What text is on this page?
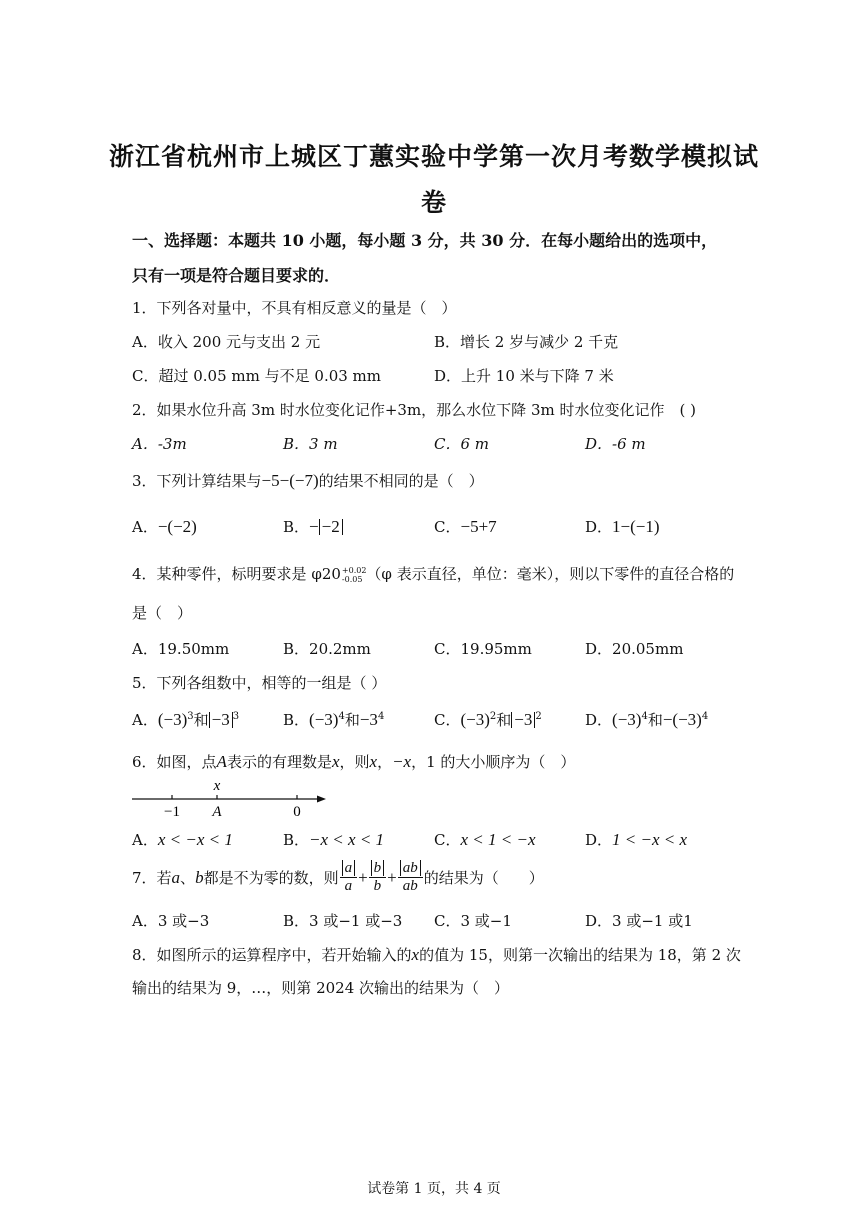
浙江省杭州市上城区丁蕙实验中学第一次月考数学模拟试
卷
一、选择题：本题共 10 小题，每小题 3 分，共 30 分．在每小题给出的选项中，
只有一项是符合题目要求的．
1．下列各对量中，不具有相反意义的量是（　）
A．收入 200 元与支出 2 元	B．增长 2 岁与减少 2 千克
C．超过 0.05 mm 与不足 0.03 mm	D．上升 10 米与下降 7 米
2．如果水位升高 3m 时水位变化记作+3m，那么水位下降 3m 时水位变化记作　( )
A．-3m	B．3 m	C．6 m	D．-6 m
3．下列计算结果与−5−(−7)的结果不相同的是（　）
A．−(−2)	B．− −2	C．−5+7	D．1−(−1)
4．某种零件，标明要求是 φ20 +0.02
-0.05 （φ 表示直径，单位：毫米），则以下零件的直径合格的
是（　）
A．19.50mm	B．20.2mm	C．19.95mm	D．20.05mm
5．下列各组数中，相等的一组是（ ）
A．$(-3)^3$和 −3 $^3$	B．$(-3)^4$和$-3^4$	C．$(-3)^2$和 −3 $^2$	D．$(-3)^4$和$-(-3)^4$
6．如图，点A表示的有理数是x，则x，−x，1 的大小顺序为（　）
x
−1 A	0
A．x < −x < 1	B．−x < x < 1	C．x < 1 < −x	D．1 < −x < x
7．若 a 、 b 都是不为零的数，则 $\frac{a}{a} + \frac{b}{b} + \frac{ab}{ab}$ 的结果为（　　）
A．3 或−3	B．3 或−1 或−3 C．3 或−1	D．3 或−1 或1
8．如图所示的运算程序中，若开始输入的x的值为 15，则第一次输出的结果为 18，第 2 次
输出的结果为 9，…，则第 2024 次输出的结果为（　）
试卷第 1 页，共 4 页
